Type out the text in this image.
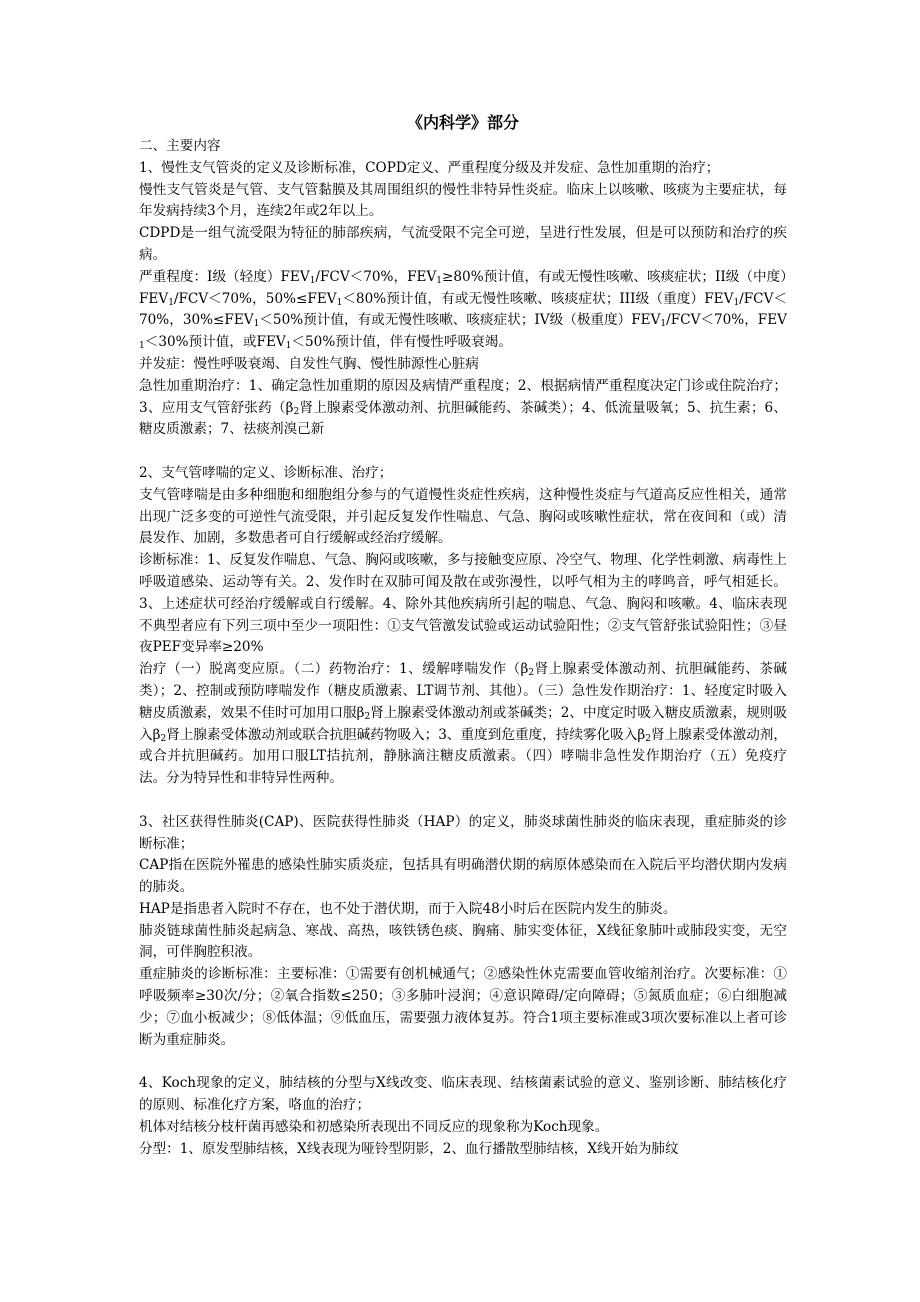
《内科学》部分

二、主要内容

1、慢性支气管炎的定义及诊断标准，COPD定义、严重程度分级及并发症、急性加重期的治疗；

慢性支气管炎是气管、支气管黏膜及其周围组织的慢性非特异性炎症。临床上以咳嗽、咳痰为主要症状，每年发病持续3个月，连续2年或2年以上。

CDPD是一组气流受限为特征的肺部疾病，气流受限不完全可逆，呈进行性发展，但是可以预防和治疗的疾病。

严重程度：I级（轻度）$FEV_1/FCV<70\%$，$FEV_1\ge 80\%$预计值，有或无慢性咳嗽、咳痰症状；II级（中度）$FEV_1/FCV<70\%$，$50\%\le FEV_1<80\%$预计值，有或无慢性咳嗽、咳痰症状；III级（重度）$FEV_1/FCV<70\%$，$30\%\le FEV_1<50\%$预计值，有或无慢性咳嗽、咳痰症状；IV级（极重度）$FEV_1/FCV<70\%$，$FEV_1<30\%$预计值，或$FEV_1<50\%$预计值，伴有慢性呼吸衰竭。

并发症：慢性呼吸衰竭、自发性气胸、慢性肺源性心脏病

急性加重期治疗：1、确定急性加重期的原因及病情严重程度；2、根据病情严重程度决定门诊或住院治疗；3、应用支气管舒张药（$\beta_2$肾上腺素受体激动剂、抗胆碱能药、茶碱类）；4、低流量吸氧；5、抗生素；6、糖皮质激素；7、祛痰剂溴己新

2、支气管哮喘的定义、诊断标准、治疗；

支气管哮喘是由多种细胞和细胞组分参与的气道慢性炎症性疾病，这种慢性炎症与气道高反应性相关，通常出现广泛多变的可逆性气流受限，并引起反复发作性喘息、气急、胸闷或咳嗽性症状，常在夜间和（或）清晨发作、加剧，多数患者可自行缓解或经治疗缓解。

诊断标准：1、反复发作喘息、气急、胸闷或咳嗽，多与接触变应原、冷空气、物理、化学性刺激、病毒性上呼吸道感染、运动等有关。2、发作时在双肺可闻及散在或弥漫性，以呼气相为主的哮鸣音，呼气相延长。3、上述症状可经治疗缓解或自行缓解。4、除外其他疾病所引起的喘息、气急、胸闷和咳嗽。4、临床表现不典型者应有下列三项中至少一项阳性：①支气管激发试验或运动试验阳性；②支气管舒张试验阳性；③昼夜PEF变异率≥20%

治疗（一）脱离变应原。（二）药物治疗：1、缓解哮喘发作（$\beta_2$肾上腺素受体激动剂、抗胆碱能药、茶碱类）；2、控制或预防哮喘发作（糖皮质激素、LT调节剂、其他）。（三）急性发作期治疗：1、轻度定时吸入糖皮质激素，效果不佳时可加用口服$\beta_2$肾上腺素受体激动剂或茶碱类；2、中度定时吸入糖皮质激素，规则吸入$\beta_2$肾上腺素受体激动剂或联合抗胆碱药物吸入；3、重度到危重度，持续雾化吸入$\beta_2$肾上腺素受体激动剂，或合并抗胆碱药。加用口服LT拮抗剂，静脉滴注糖皮质激素。（四）哮喘非急性发作期治疗（五）免疫疗法。分为特异性和非特异性两种。

3、社区获得性肺炎(CAP)、医院获得性肺炎（HAP）的定义，肺炎球菌性肺炎的临床表现，重症肺炎的诊断标准；

CAP指在医院外罹患的感染性肺实质炎症，包括具有明确潜伏期的病原体感染而在入院后平均潜伏期内发病的肺炎。

HAP是指患者入院时不存在，也不处于潜伏期，而于入院48小时后在医院内发生的肺炎。

肺炎链球菌性肺炎起病急、寒战、高热，咳铁锈色痰、胸痛、肺实变体征，X线征象肺叶或肺段实变，无空洞，可伴胸腔积液。

重症肺炎的诊断标准：主要标准：①需要有创机械通气；②感染性休克需要血管收缩剂治疗。次要标准：①呼吸频率≥30次/分；②氧合指数≤250；③多肺叶浸润；④意识障碍/定向障碍；⑤氮质血症；⑥白细胞减少；⑦血小板减少；⑧低体温；⑨低血压，需要强力液体复苏。符合1项主要标准或3项次要标准以上者可诊断为重症肺炎。

4、Koch现象的定义，肺结核的分型与X线改变、临床表现、结核菌素试验的意义、鉴别诊断、肺结核化疗的原则、标准化疗方案，咯血的治疗；

机体对结核分枝杆菌再感染和初感染所表现出不同反应的现象称为Koch现象。

分型：1、原发型肺结核，X线表现为哑铃型阴影，2、血行播散型肺结核，X线开始为肺纹
